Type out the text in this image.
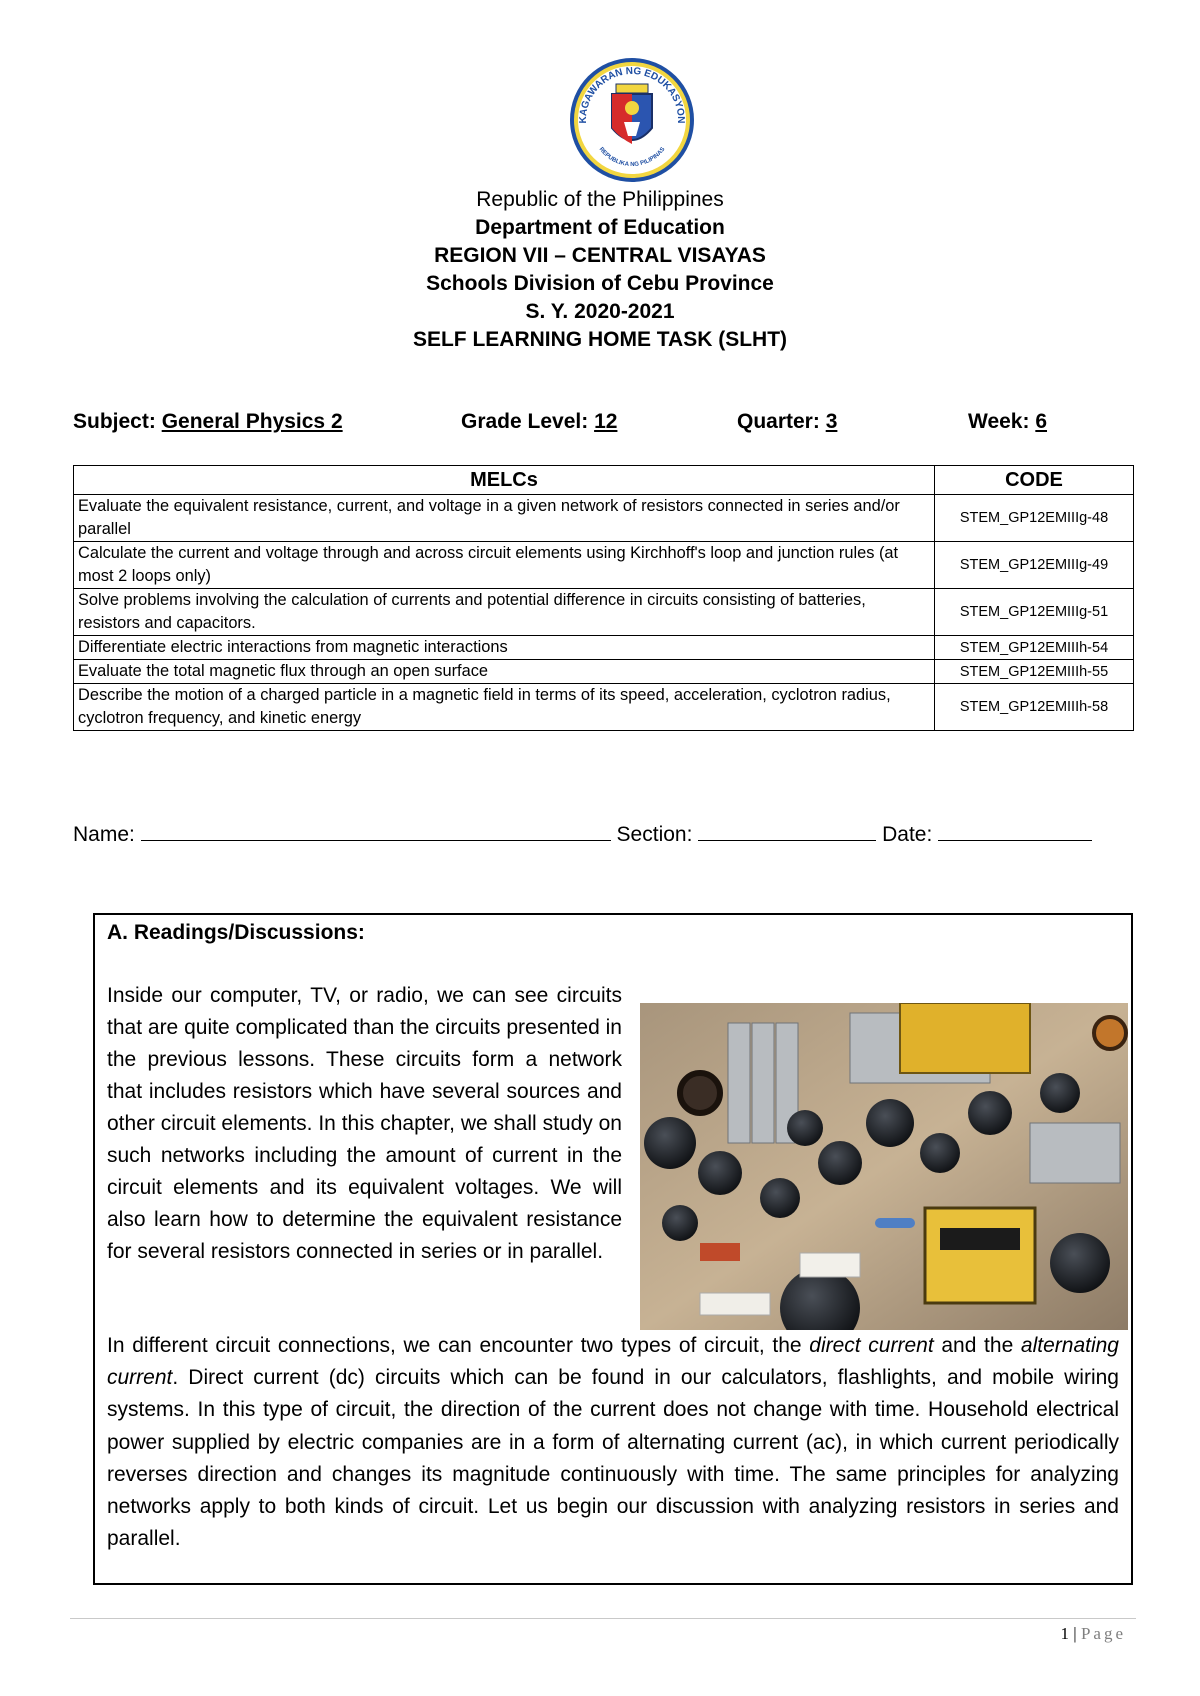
KAGAWARAN NG EDUKASYON
REPUBLIKA NG PILIPINAS
Republic of the Philippines
Department of Education
REGION VII – CENTRAL VISAYAS
Schools Division of Cebu Province
S. Y. 2020-2021
SELF LEARNING HOME TASK (SLHT)
Subject: General Physics 2	Grade Level: 12	Quarter: 3	Week: 6
MELCs	CODE
Evaluate the equivalent resistance, current, and voltage in a given network of resistors connected in series and/or parallel	STEM_GP12EMIIIg-48
Calculate the current and voltage through and across circuit elements using Kirchhoff's loop and junction rules (at most 2 loops only)	STEM_GP12EMIIIg-49
Solve problems involving the calculation of currents and potential difference in circuits consisting of batteries, resistors and capacitors.	STEM_GP12EMIIIg-51
Differentiate electric interactions from magnetic interactions	STEM_GP12EMIIIh-54
Evaluate the total magnetic flux through an open surface	STEM_GP12EMIIIh-55
Describe the motion of a charged particle in a magnetic field in terms of its speed, acceleration, cyclotron radius, cyclotron frequency, and kinetic energy	STEM_GP12EMIIIh-58
Name:	Section:	Date:
A. Readings/Discussions:

Inside our computer, TV, or radio, we can see circuits that are quite complicated than the circuits presented in the previous lessons. These circuits form a network that includes resistors which have several sources and other circuit elements. In this chapter, we shall study on such networks including the amount of current in the circuit elements and its equivalent voltages. We will also learn how to determine the equivalent resistance for several resistors connected in series or in parallel.

In different circuit connections, we can encounter two types of circuit, the direct current and the alternating current. Direct current (dc) circuits which can be found in our calculators, flashlights, and mobile wiring systems. In this type of circuit, the direction of the current does not change with time. Household electrical power supplied by electric companies are in a form of alternating current (ac), in which current periodically reverses direction and changes its magnitude continuously with time. The same principles for analyzing networks apply to both kinds of circuit. Let us begin our discussion with analyzing resistors in series and parallel.

1 | Page
